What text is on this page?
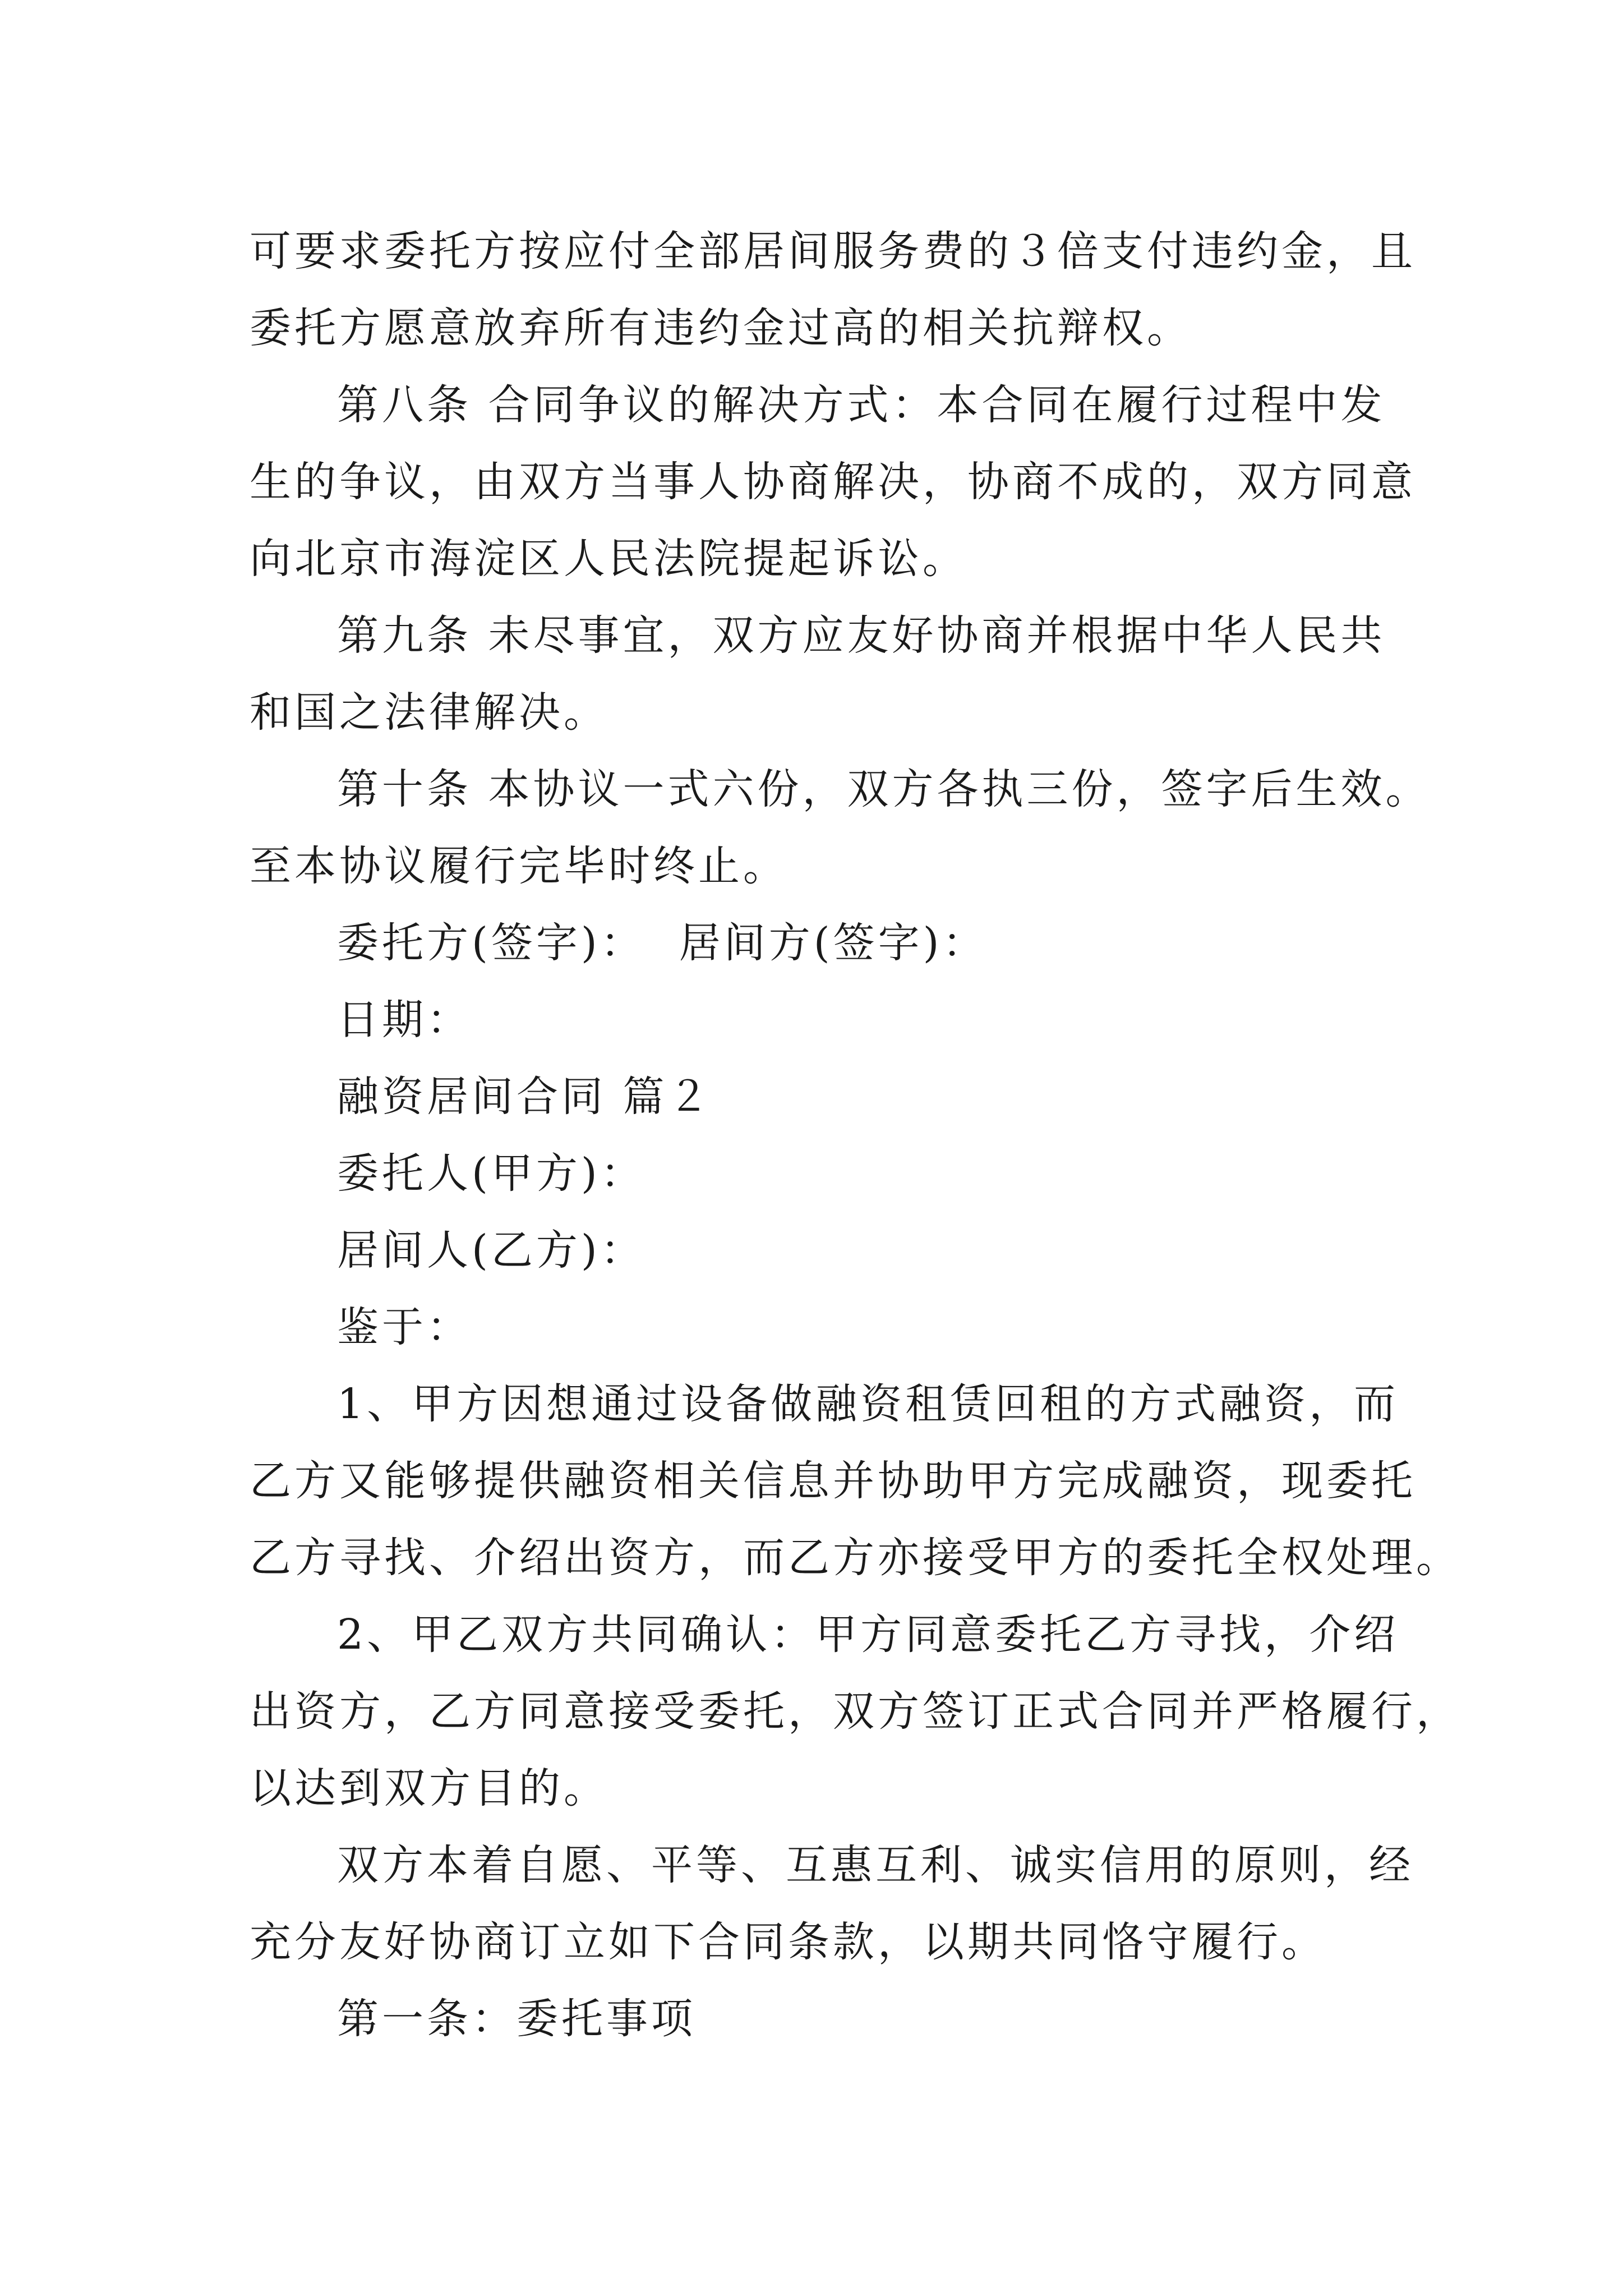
可要求委托方按应付全部居间服务费的３倍支付违约金，且
委托方愿意放弃所有违约金过高的相关抗辩权。
第八条 合同争议的解决方式：本合同在履行过程中发
生的争议，由双方当事人协商解决，协商不成的，双方同意
向北京市海淀区人民法院提起诉讼。
第九条 未尽事宜，双方应友好协商并根据中华人民共
和国之法律解决。
第十条 本协议一式六份，双方各执三份，签字后生效。
至本协议履行完毕时终止。
委托方(签字)： 居间方(签字)：
日期：
融资居间合同 篇２
委托人(甲方)：
居间人(乙方)：
鉴于：
1、甲方因想通过设备做融资租赁回租的方式融资，而
乙方又能够提供融资相关信息并协助甲方完成融资，现委托
乙方寻找、介绍出资方，而乙方亦接受甲方的委托全权处理。
2、甲乙双方共同确认：甲方同意委托乙方寻找，介绍
出资方，乙方同意接受委托，双方签订正式合同并严格履行，
以达到双方目的。
双方本着自愿、平等、互惠互利、诚实信用的原则，经
充分友好协商订立如下合同条款，以期共同恪守履行。
第一条：委托事项
